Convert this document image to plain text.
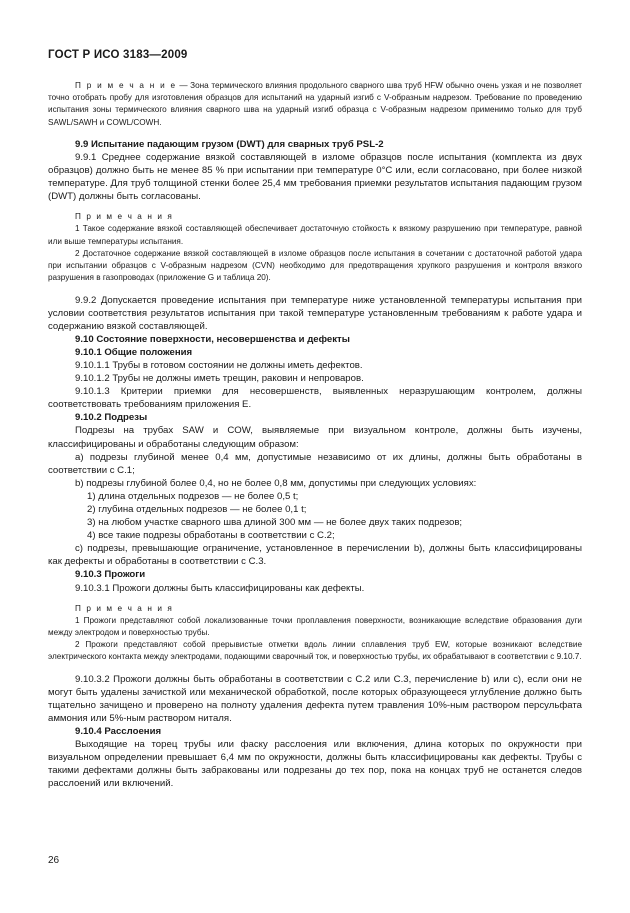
ГОСТ Р ИСО 3183—2009

П р и м е ч а н и е — Зона термического влияния продольного сварного шва труб HFW обычно очень узкая и не позволяет точно отобрать пробу для изготовления образцов для испытаний на ударный изгиб с V-образным надрезом. Требование по проведению испытания зоны термического влияния сварного шва на ударный изгиб образца с V-образным надрезом применимо только для труб SAWL/SAWH и COWL/COWH.

9.9 Испытание падающим грузом (DWT) для сварных труб PSL-2

9.9.1 Среднее содержание вязкой составляющей в изломе образцов после испытания (комплекта из двух образцов) должно быть не менее 85 % при испытании при температуре 0°С или, если согласовано, при более низкой температуре. Для труб толщиной стенки более 25,4 мм требования приемки результатов испытания падающим грузом (DWT) должны быть согласованы.

П р и м е ч а н и я

1 Такое содержание вязкой составляющей обеспечивает достаточную стойкость к вязкому разрушению при температуре, равной или выше температуры испытания.

2 Достаточное содержание вязкой составляющей в изломе образцов после испытания в сочетании с достаточной работой удара при испытании образцов с V-образным надрезом (CVN) необходимо для предотвращения хрупкого разрушения и контроля вязкого разрушения в газопроводах (приложение G и таблица 20).

9.9.2 Допускается проведение испытания при температуре ниже установленной температуры испытания при условии соответствия результатов испытания при такой температуре установленным требованиям к работе удара и содержанию вязкой составляющей.

9.10 Состояние поверхности, несовершенства и дефекты

9.10.1 Общие положения

9.10.1.1 Трубы в готовом состоянии не должны иметь дефектов.

9.10.1.2 Трубы не должны иметь трещин, раковин и непроваров.

9.10.1.3 Критерии приемки для несовершенств, выявленных неразрушающим контролем, должны соответствовать требованиям приложения Е.

9.10.2 Подрезы

Подрезы на трубах SAW и COW, выявляемые при визуальном контроле, должны быть изучены, классифицированы и обработаны следующим образом:

а) подрезы глубиной менее 0,4 мм, допустимые независимо от их длины, должны быть обработаны в соответствии с С.1;

b) подрезы глубиной более 0,4, но не более 0,8 мм, допустимы при следующих условиях:

1) длина отдельных подрезов — не более 0,5 t;

2) глубина отдельных подрезов — не более 0,1 t;

3) на любом участке сварного шва длиной 300 мм — не более двух таких подрезов;

4) все такие подрезы обработаны в соответствии с С.2;

с) подрезы, превышающие ограничение, установленное в перечислении b), должны быть классифицированы как дефекты и обработаны в соответствии с С.3.

9.10.3 Прожоги

9.10.3.1 Прожоги должны быть классифицированы как дефекты.

П р и м е ч а н и я

1 Прожоги представляют собой локализованные точки проплавления поверхности, возникающие вследствие образования дуги между электродом и поверхностью трубы.

2 Прожоги представляют собой прерывистые отметки вдоль линии сплавления труб EW, которые возникают вследствие электрического контакта между электродами, подающими сварочный ток, и поверхностью трубы, их обрабатывают в соответствии с 9.10.7.

9.10.3.2 Прожоги должны быть обработаны в соответствии с С.2 или С.3, перечисление b) или с), если они не могут быть удалены зачисткой или механической обработкой, после которых образующееся углубление должно быть тщательно зачищено и проверено на полноту удаления дефекта путем травления 10%-ным раствором персульфата аммония или 5%-ным раствором ниталя.

9.10.4 Расслоения

Выходящие на торец трубы или фаску расслоения или включения, длина которых по окружности при визуальном определении превышает 6,4 мм по окружности, должны быть классифицированы как дефекты. Трубы с такими дефектами должны быть забракованы или подрезаны до тех пор, пока на концах труб не останется следов расслоений или включений.

26
